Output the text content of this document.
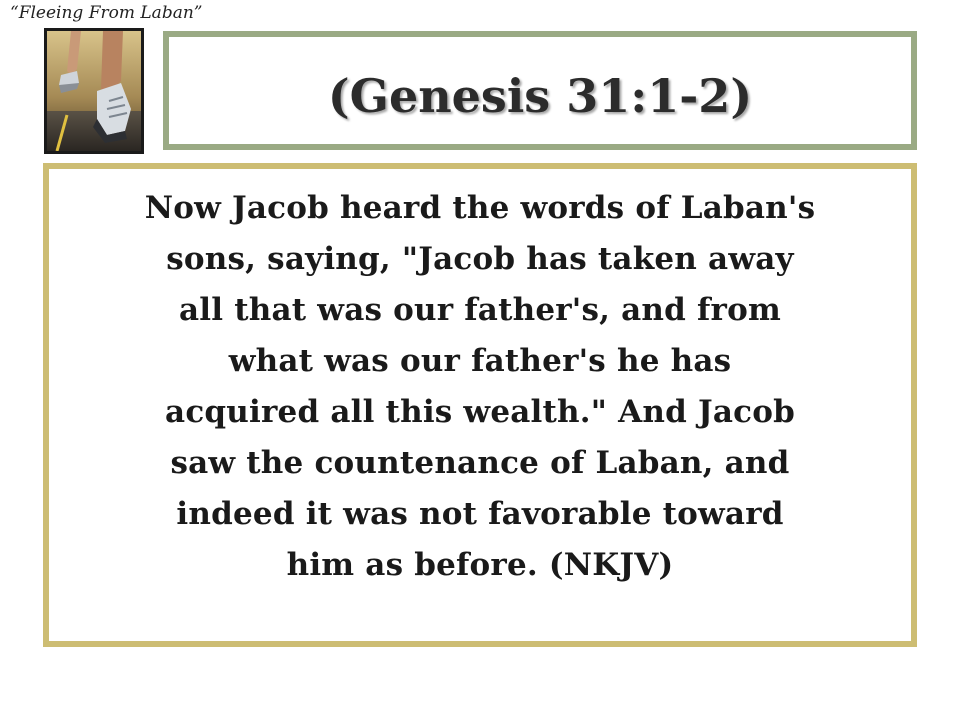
“Fleeing From Laban”
(Genesis 31:1-2)
Now Jacob heard the words of Laban's
sons, saying, "Jacob has taken away
all that was our father's, and from
what was our father's he has
acquired all this wealth." And Jacob
saw the countenance of Laban, and
indeed it was not favorable toward
him as before. (NKJV)
